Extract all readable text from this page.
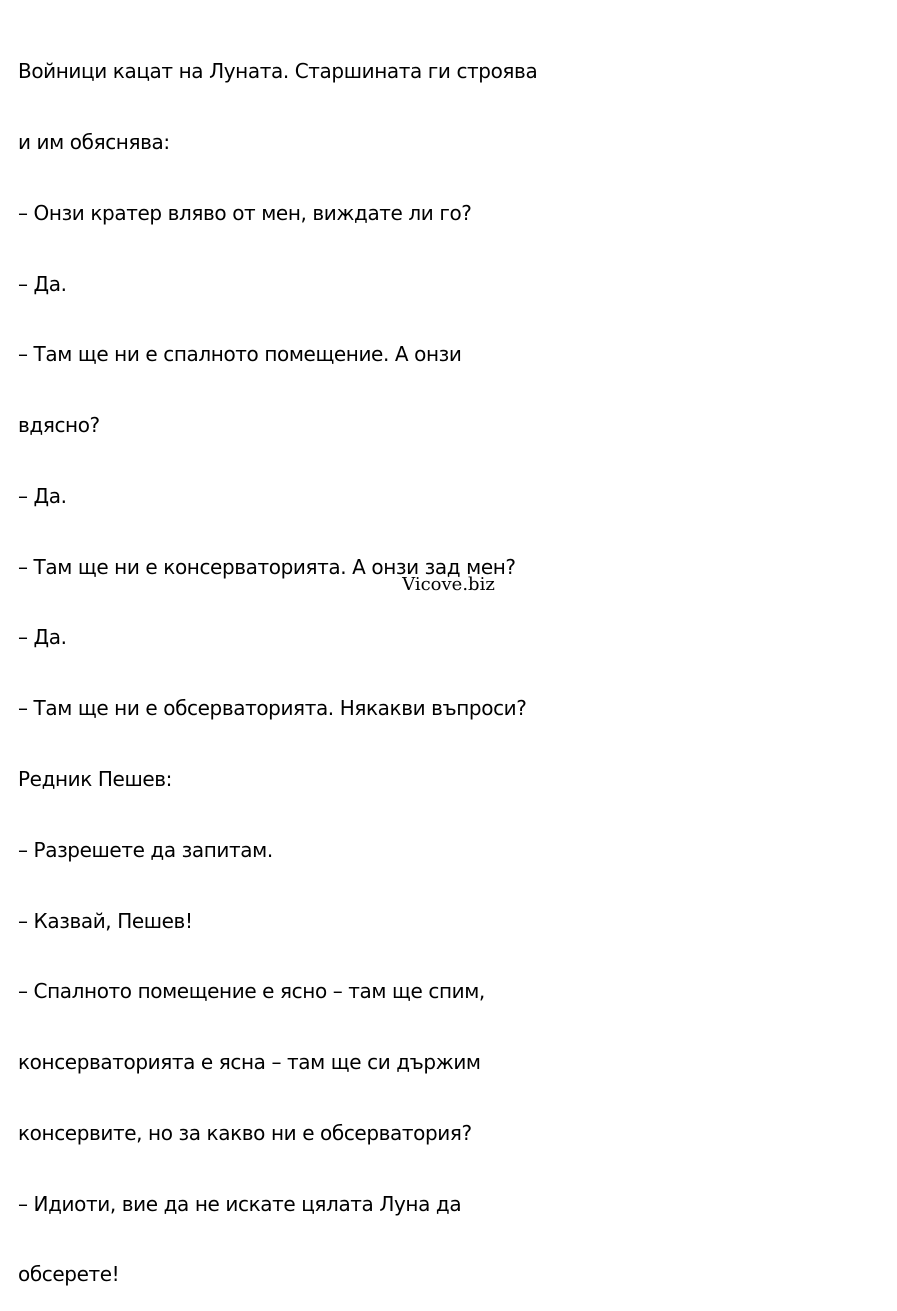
Войници кацат на Луната. Старшината ги строява

и им обяснява:

– Онзи кратер вляво от мен, виждате ли го?

– Да.

– Там ще ни е спалното помещение. А онзи

вдясно?

– Да.

– Там ще ни е консерваторията. А онзи зад мен?

– Да.

– Там ще ни е обсерваторията. Някакви въпроси?

Редник Пешев:

– Разрешете да запитам.

– Казвай, Пешев!

– Спалното помещение е ясно – там ще спим,

консерваторията е ясна – там ще си държим

консервите, но за какво ни е обсерватория?

– Идиоти, вие да не искате цялата Луна да

обсерете!

Vicove.biz
